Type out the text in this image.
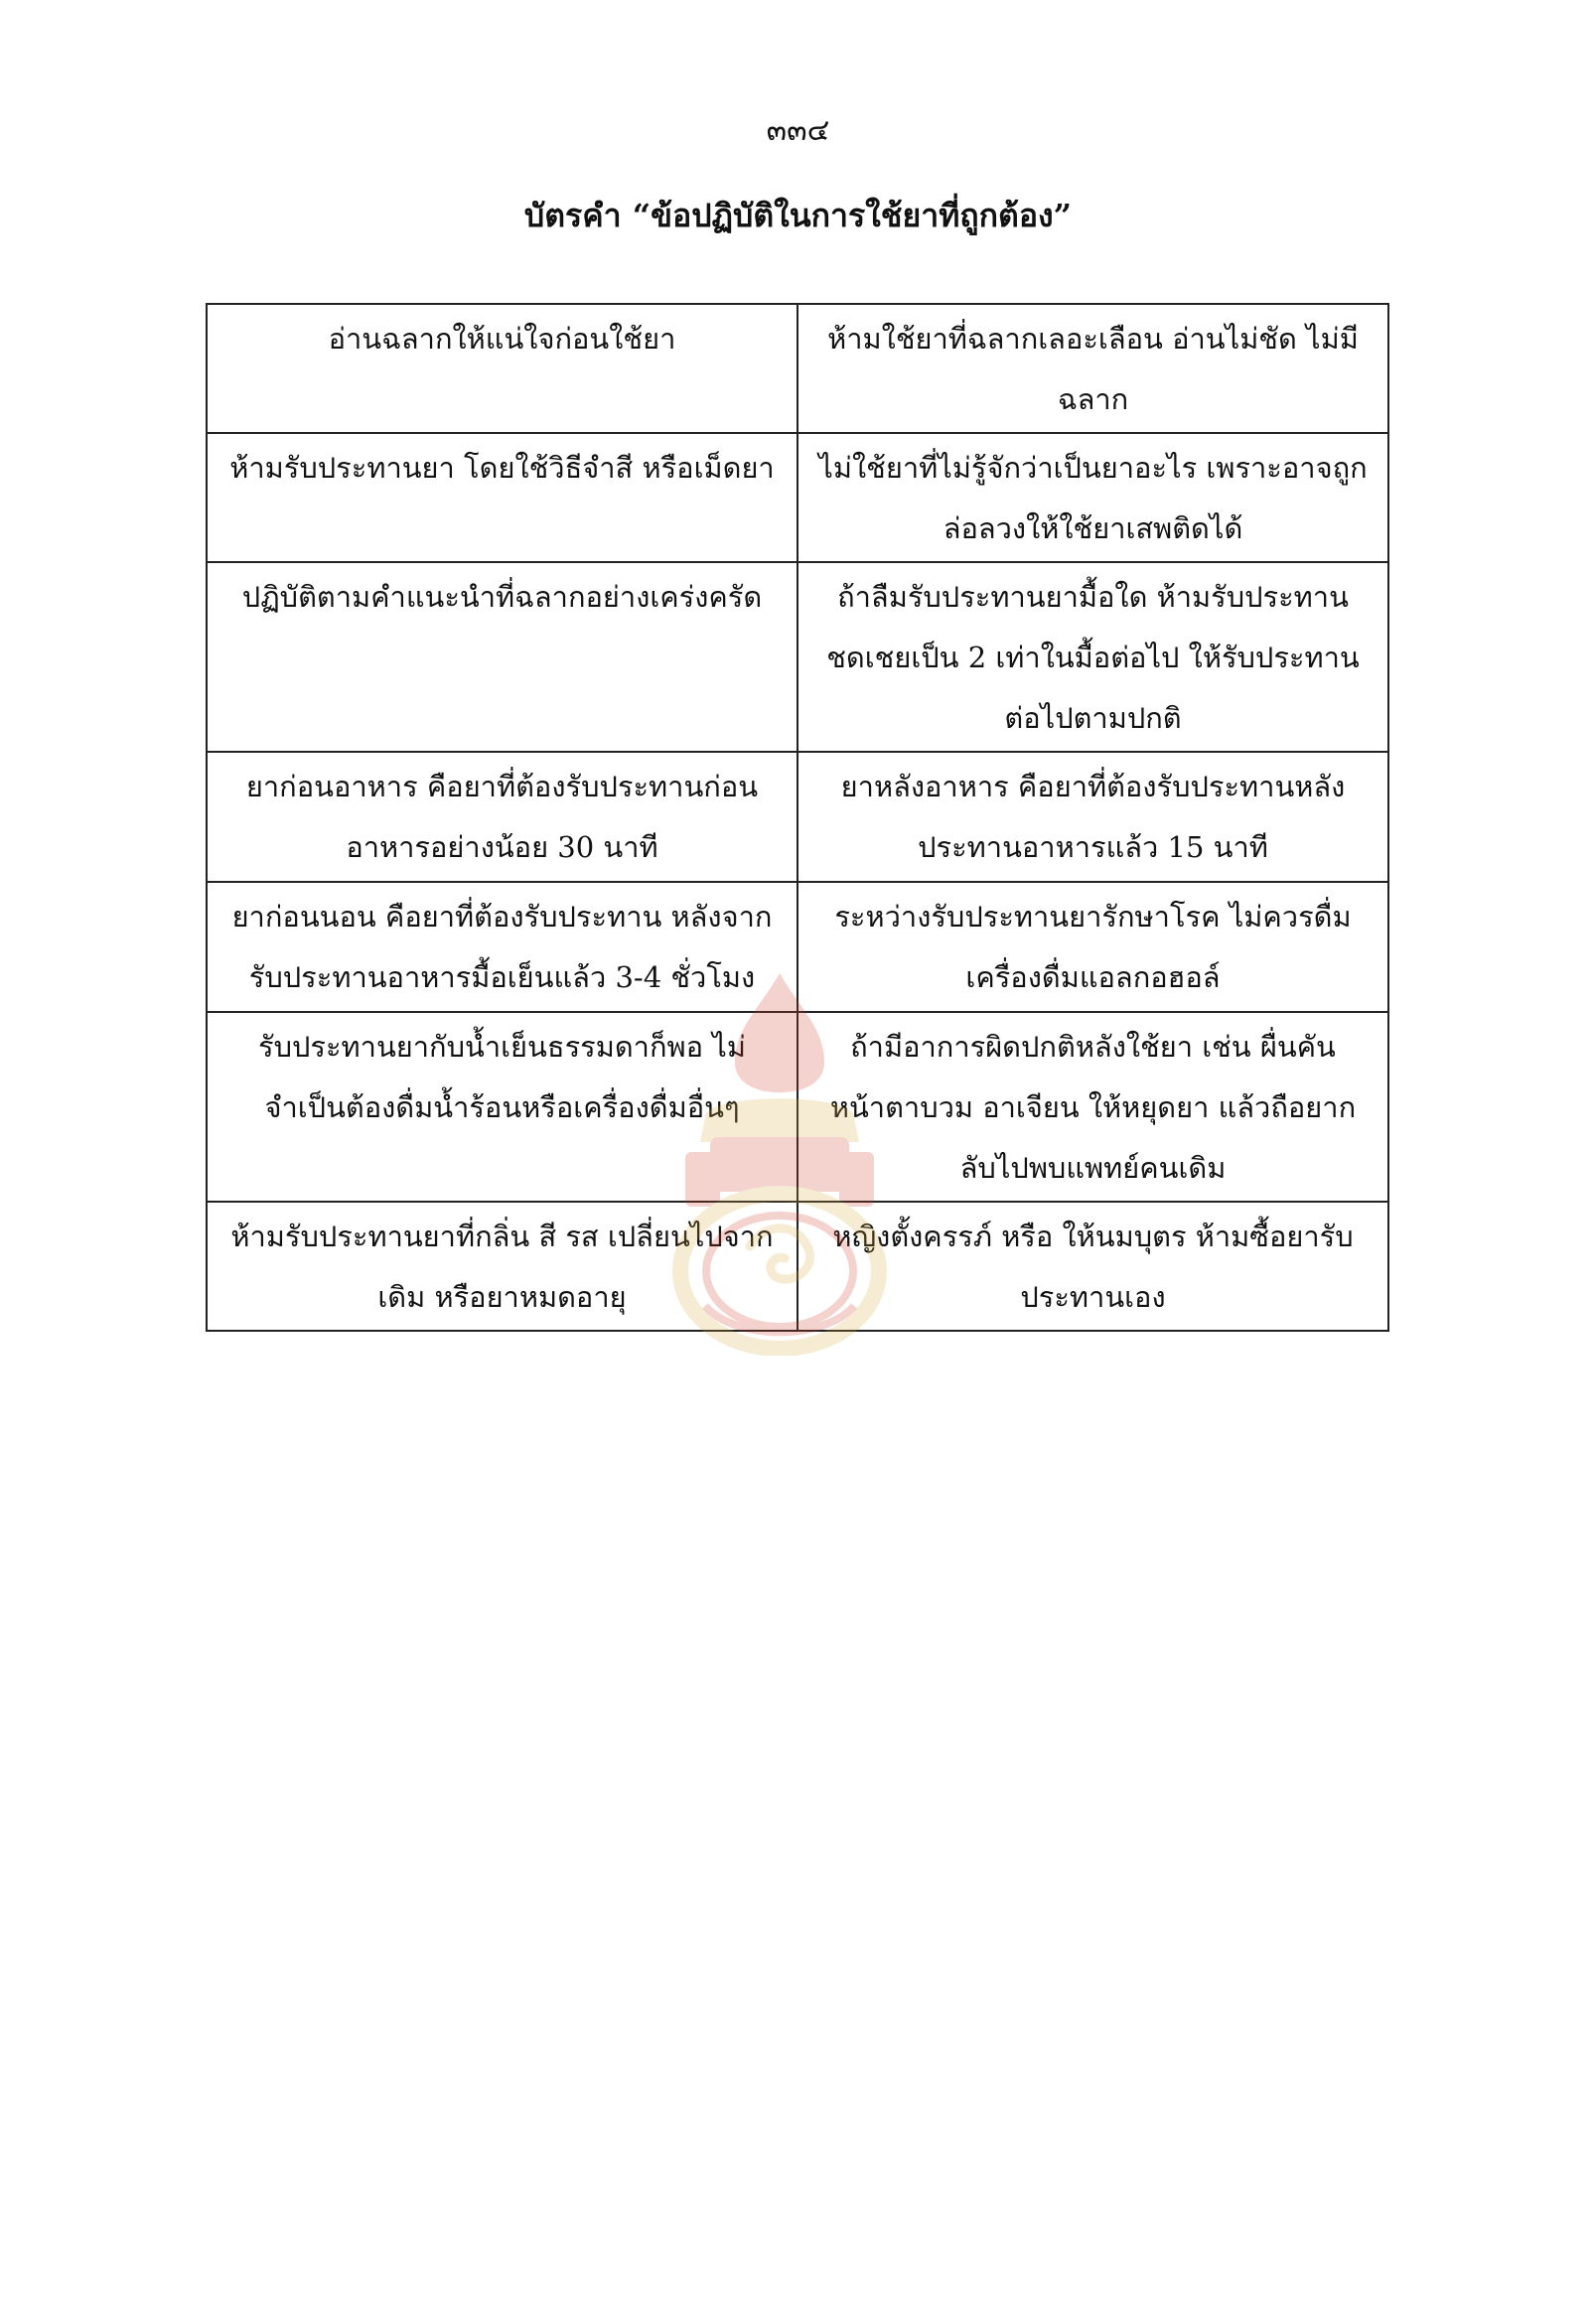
๓๓๔
บัตรคำ “ข้อปฏิบัติในการใช้ยาที่ถูกต้อง”
อ่านฉลากให้แน่ใจก่อนใช้ยา	ห้ามใช้ยาที่ฉลากเลอะเลือน อ่านไม่ชัด ไม่มีฉลาก
ห้ามรับประทานยา โดยใช้วิธีจำสี หรือเม็ดยา	ไม่ใช้ยาที่ไม่รู้จักว่าเป็นยาอะไร เพราะอาจถูกล่อลวงให้ใช้ยาเสพติดได้
ปฏิบัติตามคำแนะนำที่ฉลากอย่างเคร่งครัด	ถ้าลืมรับประทานยามื้อใด ห้ามรับประทานชดเชยเป็น 2 เท่าในมื้อต่อไป ให้รับประทานต่อไปตามปกติ
ยาก่อนอาหาร คือยาที่ต้องรับประทานก่อนอาหารอย่างน้อย 30 นาที	ยาหลังอาหาร คือยาที่ต้องรับประทานหลังประทานอาหารแล้ว 15 นาที
ยาก่อนนอน คือยาที่ต้องรับประทาน หลังจากรับประทานอาหารมื้อเย็นแล้ว 3-4 ชั่วโมง	ระหว่างรับประทานยารักษาโรค ไม่ควรดื่มเครื่องดื่มแอลกอฮอล์
รับประทานยากับน้ำเย็นธรรมดาก็พอ ไม่จำเป็นต้องดื่มน้ำร้อนหรือเครื่องดื่มอื่นๆ	ถ้ามีอาการผิดปกติหลังใช้ยา เช่น ผื่นคัน หน้าตาบวม อาเจียน ให้หยุดยา แล้วถือยากลับไปพบแพทย์คนเดิม
ห้ามรับประทานยาที่กลิ่น สี รส เปลี่ยนไปจากเดิม หรือยาหมดอายุ	หญิงตั้งครรภ์ หรือ ให้นมบุตร ห้ามซื้อยารับประทานเอง
